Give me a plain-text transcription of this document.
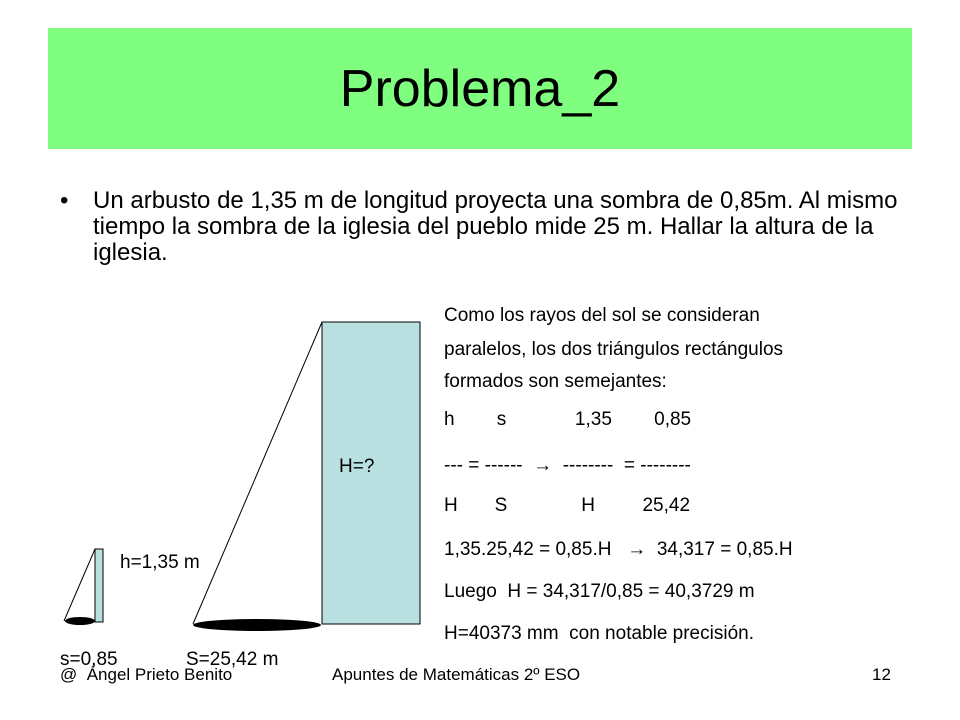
Problema_2
• Un arbusto de 1,35 m de longitud proyecta una sombra de 0,85m. Al mismo tiempo la sombra de la iglesia del pueblo mide 25 m. Hallar la altura de la iglesia.
H=?
h=1,35 m
s=0,85	S=25,42 m
Como los rayos del sol se consideran
paralelos, los dos triángulos rectángulos
formados son semejantes:
h        s             1,35        0,85
--- = ------  →  --------  = --------
H       S              H         25,42
1,35.25,42 = 0,85.H   →  34,317 = 0,85.H
Luego  H = 34,317/0,85 = 40,3729 m
H=40373 mm  con notable precisión.
@  Ángel Prieto Benito	Apuntes de Matemáticas 2º ESO	12
